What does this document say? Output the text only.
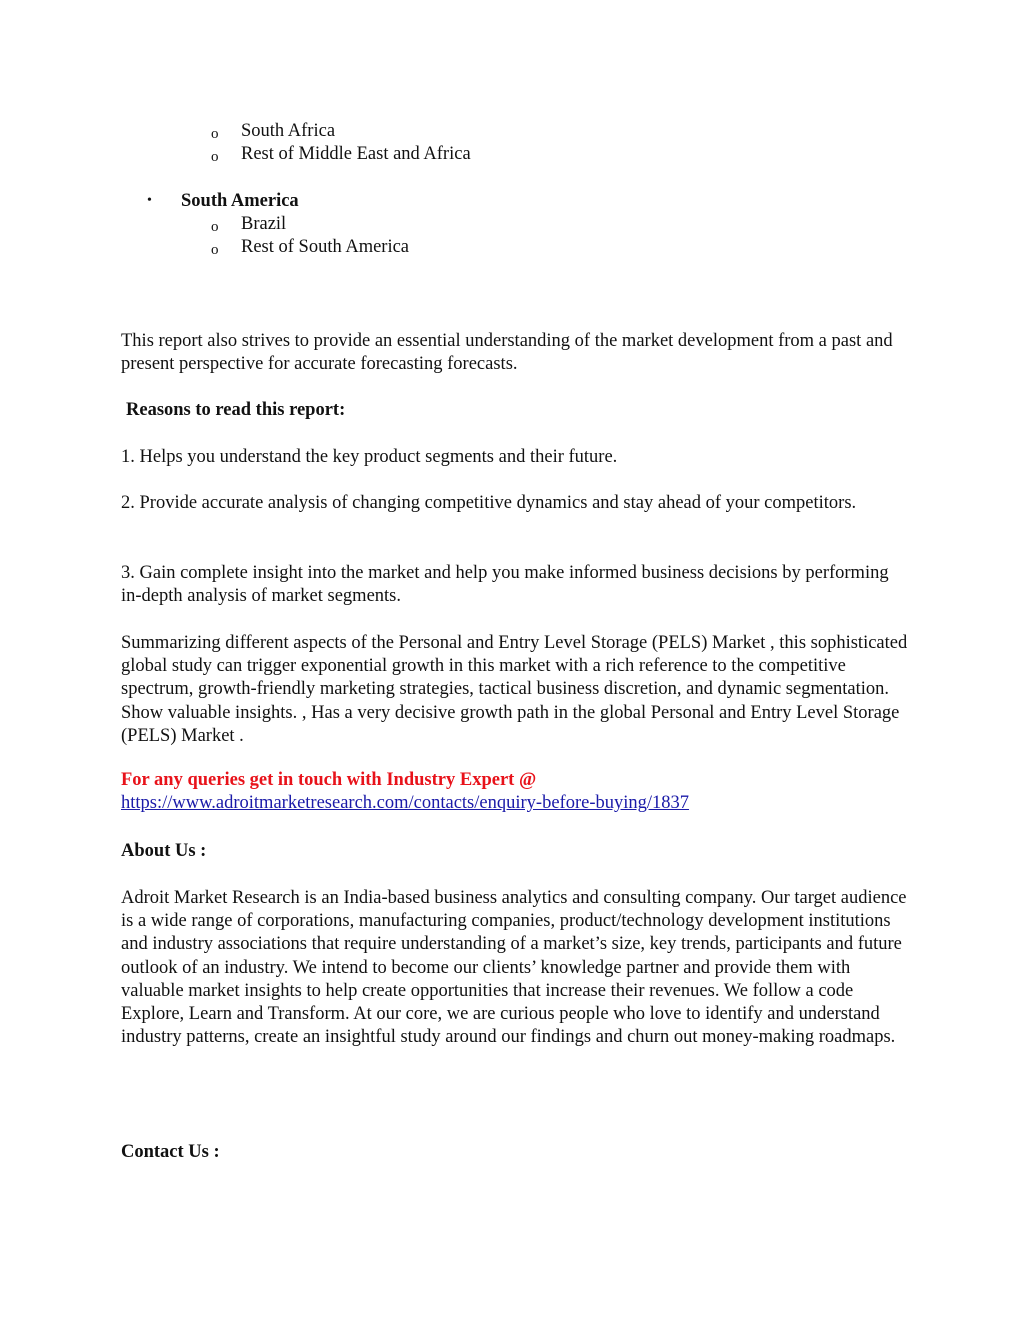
o South Africa
o Rest of Middle East and Africa
• South America
o Brazil
o Rest of South America
This report also strives to provide an essential understanding of the market development from a past and present perspective for accurate forecasting forecasts.
Reasons to read this report:
1. Helps you understand the key product segments and their future.
2. Provide accurate analysis of changing competitive dynamics and stay ahead of your competitors.
3. Gain complete insight into the market and help you make informed business decisions by performing in-depth analysis of market segments.
Summarizing different aspects of the Personal and Entry Level Storage (PELS) Market , this sophisticated global study can trigger exponential growth in this market with a rich reference to the competitive spectrum, growth-friendly marketing strategies, tactical business discretion, and dynamic segmentation. Show valuable insights. , Has a very decisive growth path in the global Personal and Entry Level Storage (PELS) Market .
For any queries get in touch with Industry Expert @
https://www.adroitmarketresearch.com/contacts/enquiry-before-buying/1837
About Us :
Adroit Market Research is an India-based business analytics and consulting company. Our target audience is a wide range of corporations, manufacturing companies, product/technology development institutions and industry associations that require understanding of a market’s size, key trends, participants and future outlook of an industry. We intend to become our clients’ knowledge partner and provide them with valuable market insights to help create opportunities that increase their revenues. We follow a code Explore, Learn and Transform. At our core, we are curious people who love to identify and understand industry patterns, create an insightful study around our findings and churn out money-making roadmaps.
Contact Us :
